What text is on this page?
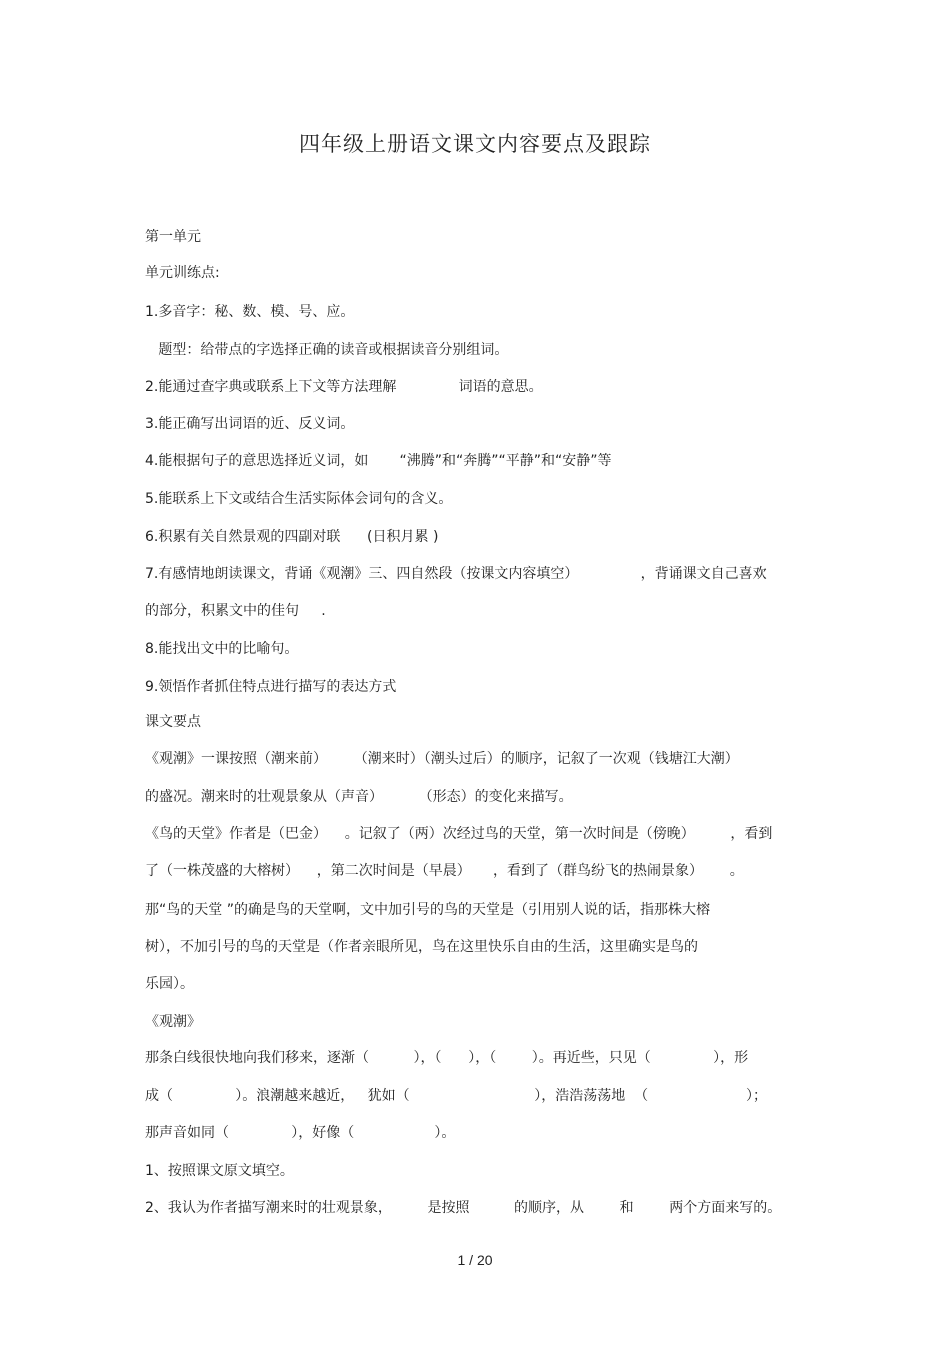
四年级上册语文课文内容要点及跟踪
第一单元
单元训练点:
1.多音字：秘、数、模、号、应。
题型：给带点的字选择正确的读音或根据读音分别组词。
2.能通过查字典或联系上下文等方法理解              词语的意思。
3.能正确写出词语的近、反义词。
4.能根据句子的意思选择近义词，如       “沸腾”和“奔腾”“平静”和“安静”等
5.能联系上下文或结合生活实际体会词句的含义。
6.积累有关自然景观的四副对联      (日积月累 )
7.有感情地朗读课文，背诵《观潮》三、四自然段（按课文内容填空）              ，背诵课文自己喜欢
的部分，积累文中的佳句     .
8.能找出文中的比喻句。
9.领悟作者抓住特点进行描写的表达方式
课文要点
《观潮》一课按照（潮来前）      （潮来时）（潮头过后）的顺序，记叙了一次观（钱塘江大潮）
的盛况。潮来时的壮观景象从（声音）        （形态）的变化来描写。
《鸟的天堂》作者是（巴金）    。记叙了（两）次经过鸟的天堂，第一次时间是（傍晚）        ，看到
了（一株茂盛的大榕树）    ，第二次时间是（早晨）     ，看到了（群鸟纷飞的热闹景象）      。
那“鸟的天堂 ”的确是鸟的天堂啊，文中加引号的鸟的天堂是（引用别人说的话，指那株大榕
树），不加引号的鸟的天堂是（作者亲眼所见，鸟在这里快乐自由的生活，这里确实是鸟的
乐园）。
《观潮》
那条白线很快地向我们移来，逐渐（          ），（      ），（        ）。再近些，只见（              ），形
成（              ）。浪潮越来越近，   犹如（                            ），浩浩荡荡地  （                      ）；
那声音如同（              ），好像（                  ）。
1、按照课文原文填空。
2、我认为作者描写潮来时的壮观景象，        是按照          的顺序，从        和        两个方面来写的。
1 / 20
